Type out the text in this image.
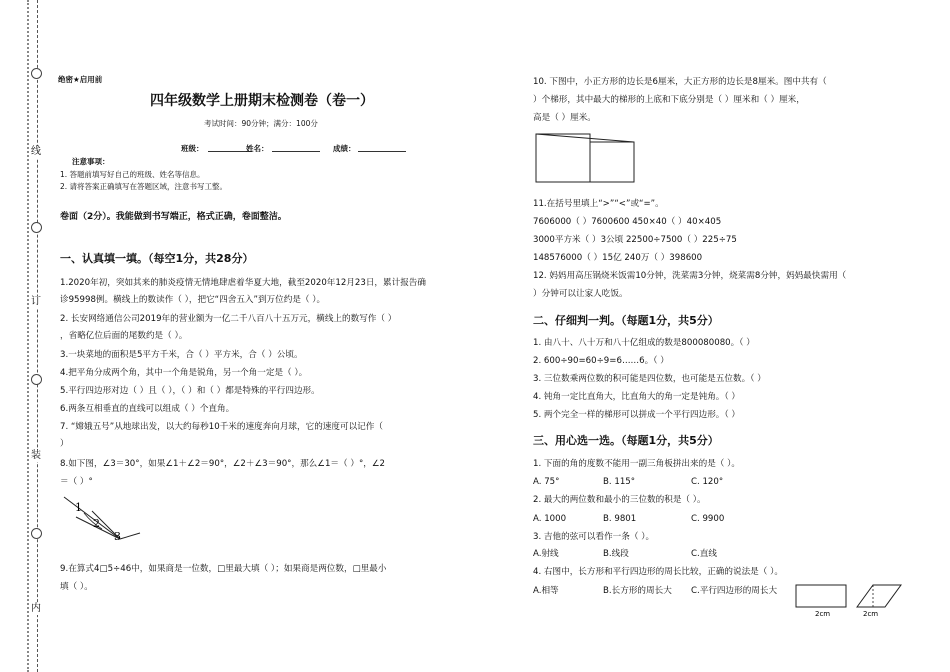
线
订
装
内
绝密★启用前
四年级数学上册期末检测卷（卷一）
考试时间：90分钟；满分：100分
班级：	姓名：	成绩：
注意事项：
1. 答题前填写好自己的班级、姓名等信息。
2. 请将答案正确填写在答题区域，注意书写工整。
卷面（2分）。我能做到书写端正，格式正确，卷面整洁。
一、认真填一填。（每空1分，共28分）
1.2020年初，突如其来的肺炎疫情无情地肆虐着华夏大地，截至2020年12月23日，累计报告确
诊95998例。横线上的数读作（ ），把它“四舍五入”到万位约是（ ）。
2. 长安网络通信公司2019年的营业额为一亿二千八百八十五万元，横线上的数写作（ ）
，省略亿位后面的尾数约是（ ）。
3.一块菜地的面积是5平方千米，合（ ）平方米，合（ ）公顷。
4.把平角分成两个角，其中一个角是锐角，另一个角一定是（ ）。
5.平行四边形对边（ ）且（ ），（ ）和（ ）都是特殊的平行四边形。
6.两条互相垂直的直线可以组成（ ）个直角。
7. “嫦娥五号”从地球出发，以大约每秒10千米的速度奔向月球，它的速度可以记作（
）
8.如下图，∠3＝30°，如果∠1＋∠2＝90°，∠2＋∠3＝90°，那么∠1＝（ ）°，∠2
＝（ ）°
1
2
3
9.在算式4□5÷46中，如果商是一位数，□里最大填（ ）；如果商是两位数，□里最小
填（ ）。
10. 下图中，小正方形的边长是6厘米，大正方形的边长是8厘米。图中共有（
）个梯形，其中最大的梯形的上底和下底分别是（ ）厘米和（ ）厘米，
高是（ ）厘米。
11.在括号里填上“>”“<”或“=”。
7606000（ ）7600600 450×40（ ）40×405
3000平方米（ ）3公顷 22500÷7500（ ）225÷75
148576000（ ）15亿 240万（ ）398600
12. 妈妈用高压锅烧米饭需10分钟，洗菜需3分钟，烧菜需8分钟，妈妈最快需用（
）分钟可以让家人吃饭。
二、仔细判一判。（每题1分，共5分）
1. 由八十、八十万和八十亿组成的数是800080080。（ ）
2. 600÷90=60÷9=6……6。（ ）
3. 三位数乘两位数的积可能是四位数，也可能是五位数。（ ）
4. 钝角一定比直角大，比直角大的角一定是钝角。（ ）
5. 两个完全一样的梯形可以拼成一个平行四边形。（ ）
三、用心选一选。（每题1分，共5分）
1. 下面的角的度数不能用一副三角板拼出来的是（ ）。
A. 75°	B. 115°	C. 120°
2. 最大的两位数和最小的三位数的积是（ ）。
A. 1000	B. 9801	C. 9900
3. 吉他的弦可以看作一条（ ）。
A.射线	B.线段	C.直线
4. 右图中，长方形和平行四边形的周长比较，正确的说法是（ ）。
A.相等	B.长方形的周长大 C.平行四边形的周长大
2cm	2cm
